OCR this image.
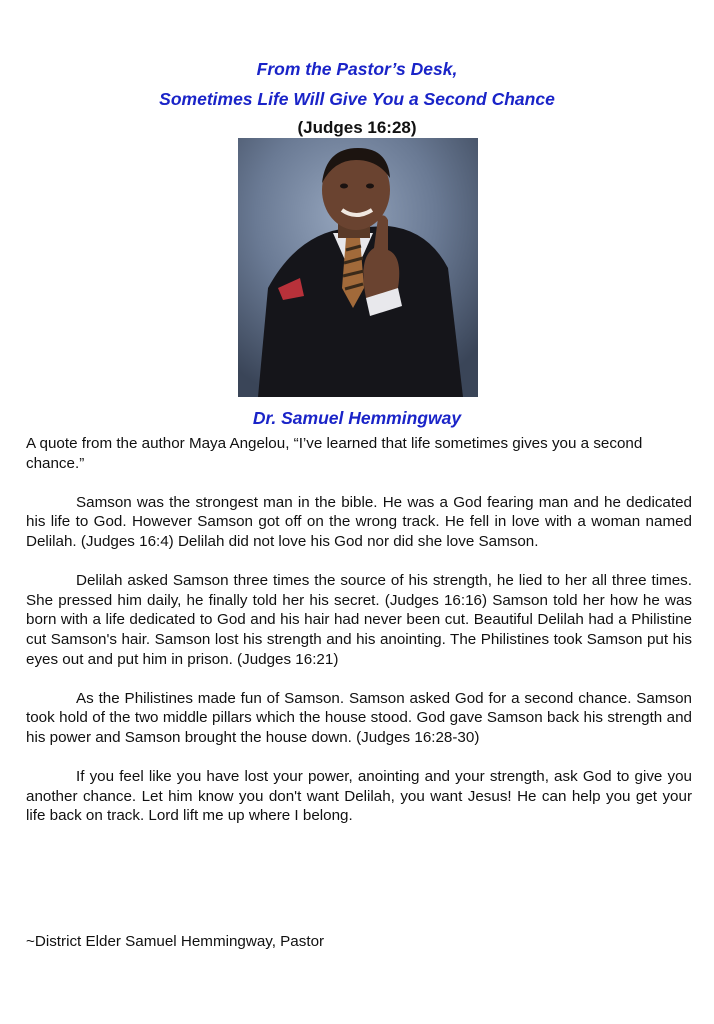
From the Pastor’s Desk,
Sometimes Life Will Give You a Second Chance
(Judges 16:28)
Dr. Samuel Hemmingway

A quote from the author Maya Angelou, “I’ve learned that life sometimes gives you a second chance.”

Samson was the strongest man in the bible. He was a God fearing man and he dedicated his life to God. However Samson got off on the wrong track. He fell in love with a woman named Delilah. (Judges 16:4) Delilah did not love his God nor did she love Samson.

Delilah asked Samson three times the source of his strength, he lied to her all three times. She pressed him daily, he finally told her his secret. (Judges 16:16) Samson told her how he was born with a life dedicated to God and his hair had never been cut. Beautiful Delilah had a Philistine cut Samson's hair. Samson lost his strength and his anointing. The Philistines took Samson put his eyes out and put him in prison. (Judges 16:21)

As the Philistines made fun of Samson. Samson asked God for a second chance. Samson took hold of the two middle pillars which the house stood. God gave Samson back his strength and his power and Samson brought the house down. (Judges 16:28-30)

If you feel like you have lost your power, anointing and your strength, ask God to give you another chance. Let him know you don't want Delilah, you want Jesus! He can help you get your life back on track. Lord lift me up where I belong.

~District Elder Samuel Hemmingway, Pastor
